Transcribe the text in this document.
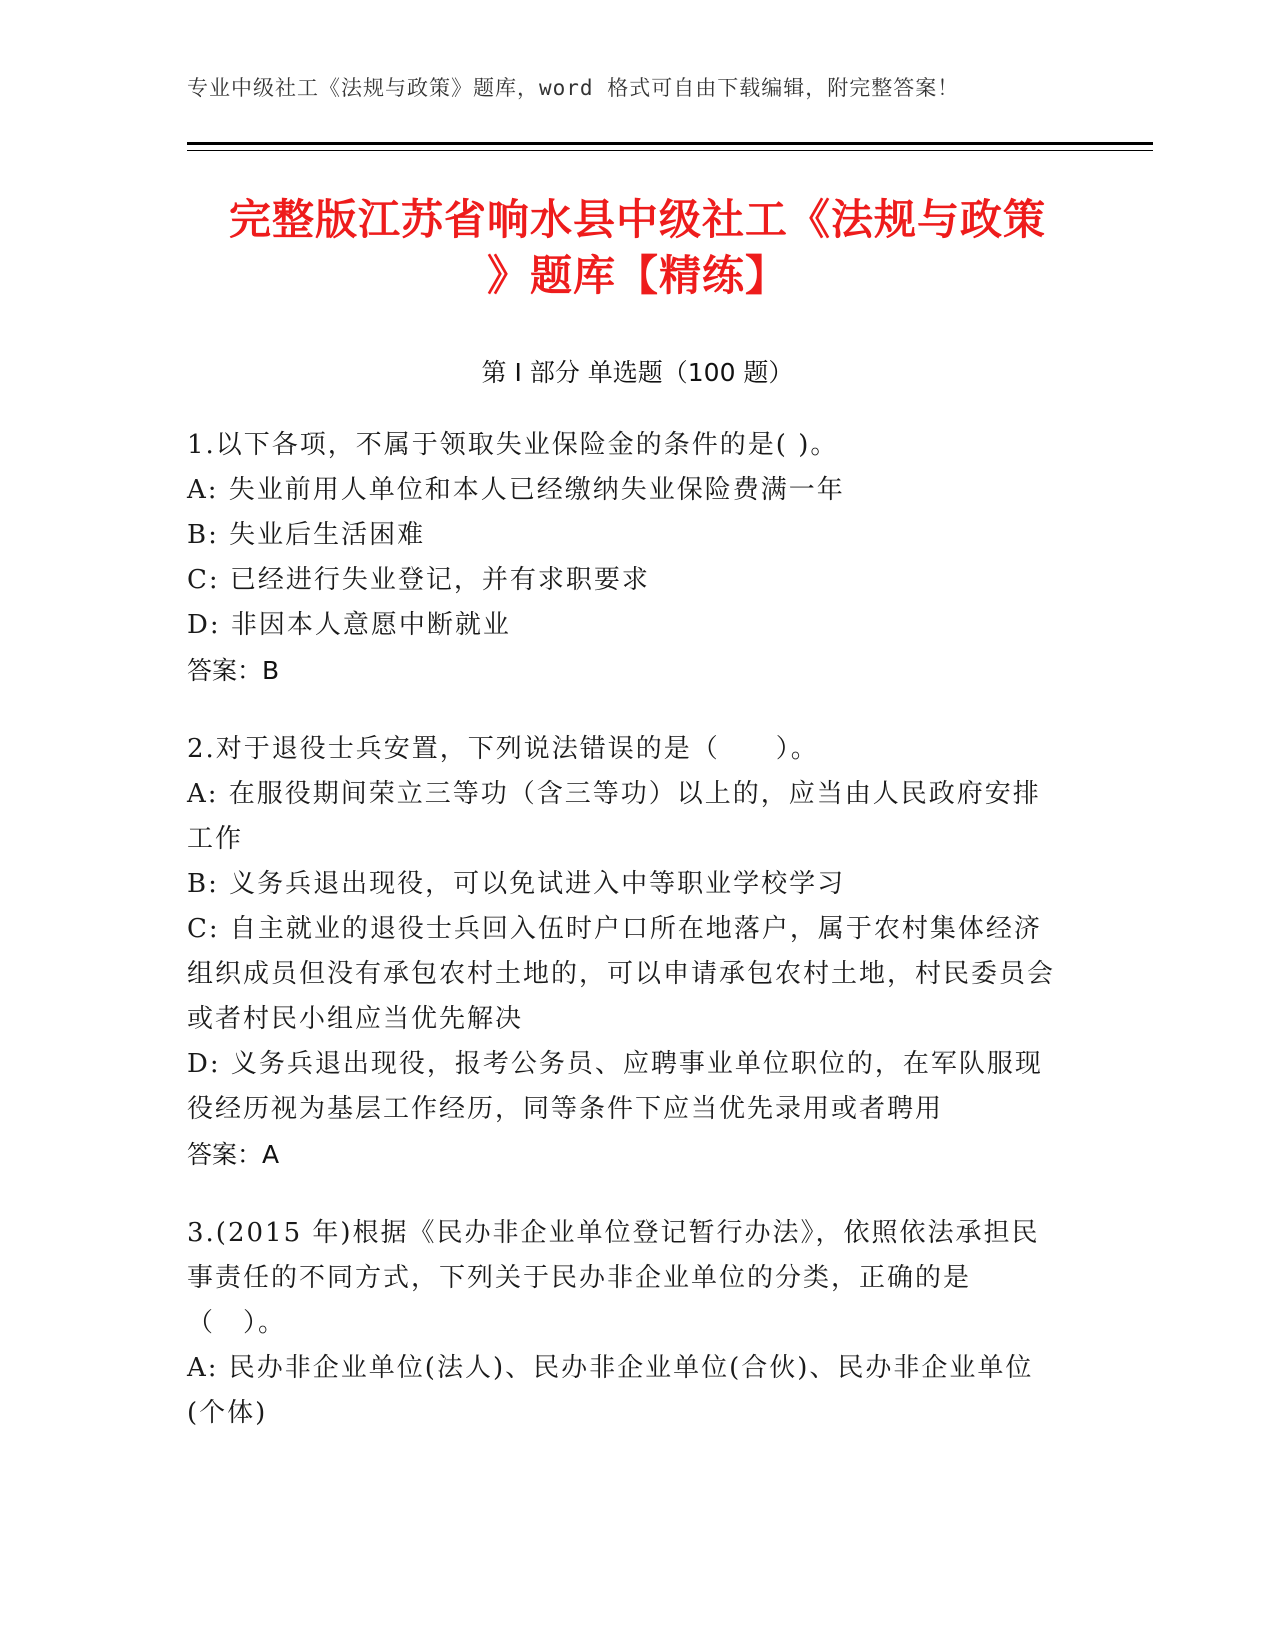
专业中级社工《法规与政策》题库，word 格式可自由下载编辑，附完整答案！
完整版江苏省响水县中级社工《法规与政策
》题库【精练】
第 I 部分 单选题（100 题）
1.以下各项，不属于领取失业保险金的条件的是( )。
A: 失业前用人单位和本人已经缴纳失业保险费满一年
B: 失业后生活困难
C: 已经进行失业登记，并有求职要求
D: 非因本人意愿中断就业
答案：B
2.对于退役士兵安置，下列说法错误的是（　　）。
A: 在服役期间荣立三等功（含三等功）以上的，应当由人民政府安排工作
B: 义务兵退出现役，可以免试进入中等职业学校学习
C: 自主就业的退役士兵回入伍时户口所在地落户，属于农村集体经济组织成员但没有承包农村土地的，可以申请承包农村土地，村民委员会或者村民小组应当优先解决
D: 义务兵退出现役，报考公务员、应聘事业单位职位的，在军队服现役经历视为基层工作经历，同等条件下应当优先录用或者聘用
答案：A
3.(2015 年)根据《民办非企业单位登记暂行办法》，依照依法承担民事责任的不同方式，下列关于民办非企业单位的分类，正确的是（　）。
A: 民办非企业单位(法人)、民办非企业单位(合伙)、民办非企业单位(个体)
